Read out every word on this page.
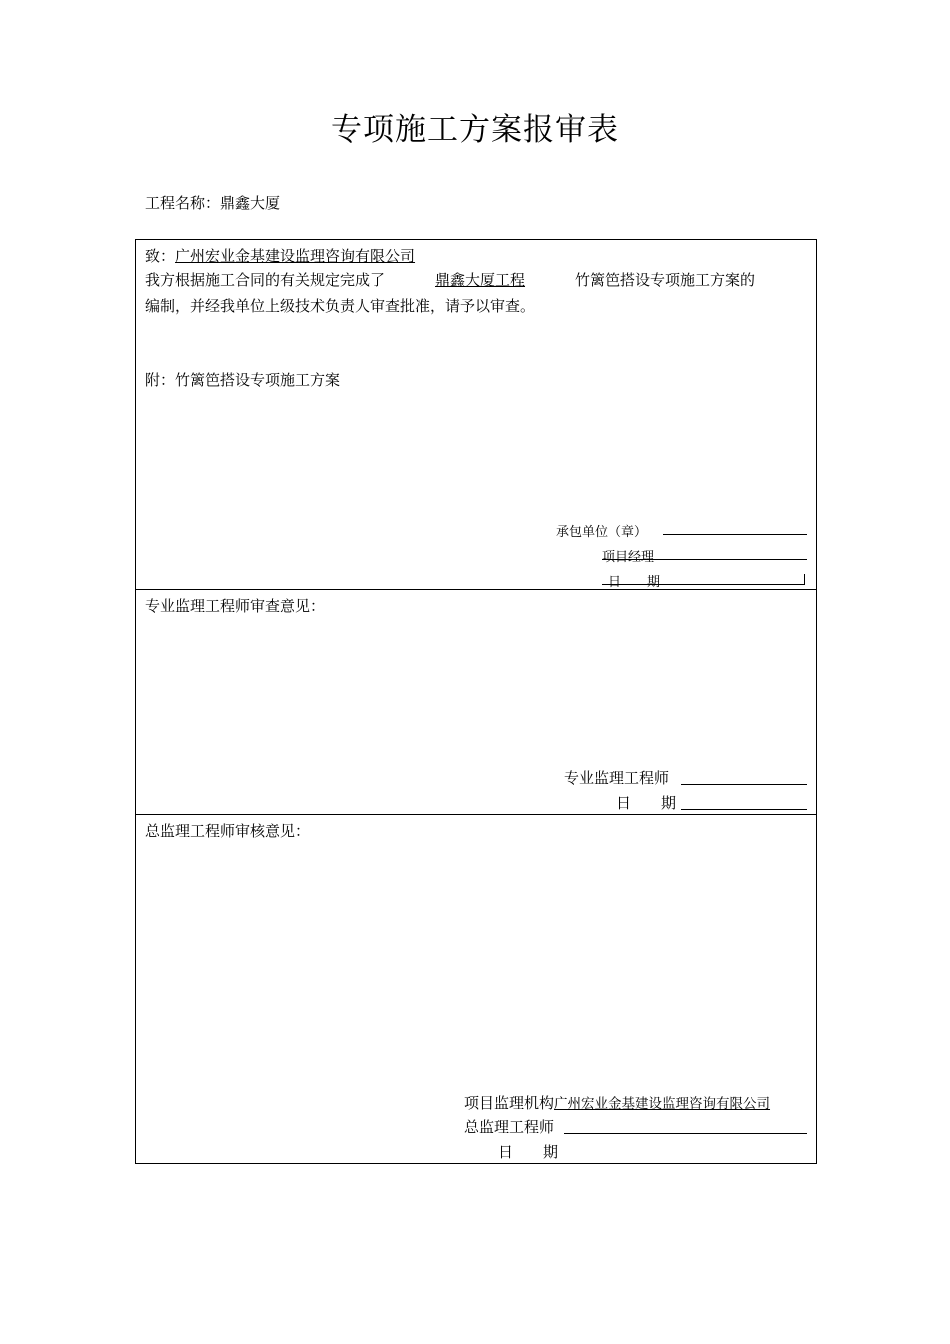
专项施工方案报审表
工程名称：鼎鑫大厦
致：广州宏业金基建设监理咨询有限公司
我方根据施工合同的有关规定完成了	鼎鑫大厦工程	竹篱笆搭设专项施工方案的
编制，并经我单位上级技术负责人审查批准，请予以审查。
附：竹篱笆搭设专项施工方案
承包单位（章）
项目经理
日　　期
专业监理工程师审查意见：
专业监理工程师
日　　期
总监理工程师审核意见：
项目监理机构广州宏业金基建设监理咨询有限公司
总监理工程师
日　　期
